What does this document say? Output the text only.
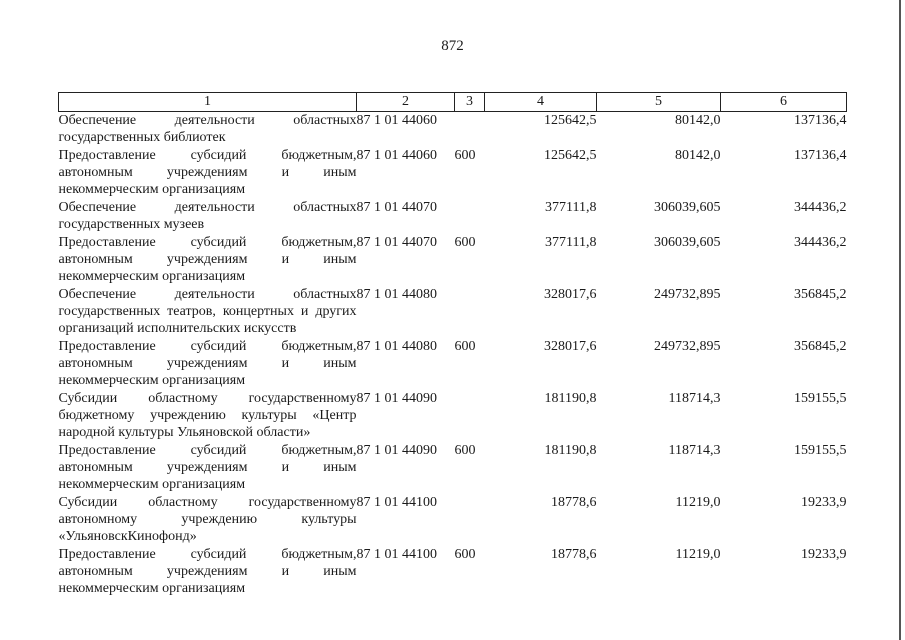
872
1	2	3	4	5	6
Обеспечение деятельности областных государственных библиотек	87 1 01 44060		125642,5	80142,0	137136,4
Предоставление субсидий бюджетным, автономным учреждениям и иным некоммерческим организациям	87 1 01 44060	600	125642,5	80142,0	137136,4
Обеспечение деятельности областных государственных музеев	87 1 01 44070		377111,8	306039,605	344436,2
Предоставление субсидий бюджетным, автономным учреждениям и иным некоммерческим организациям	87 1 01 44070	600	377111,8	306039,605	344436,2
Обеспечение деятельности областных государственных театров, концертных и других организаций исполнительских искусств	87 1 01 44080		328017,6	249732,895	356845,2
Предоставление субсидий бюджетным, автономным учреждениям и иным некоммерческим организациям	87 1 01 44080	600	328017,6	249732,895	356845,2
Субсидии областному государственному бюджетному учреждению культуры «Центр народной культуры Ульяновской области»	87 1 01 44090		181190,8	118714,3	159155,5
Предоставление субсидий бюджетным, автономным учреждениям и иным некоммерческим организациям	87 1 01 44090	600	181190,8	118714,3	159155,5
Субсидии областному государственному автономному учреждению культуры «УльяновскКинофонд»	87 1 01 44100		18778,6	11219,0	19233,9
Предоставление субсидий бюджетным, автономным учреждениям и иным некоммерческим организациям	87 1 01 44100	600	18778,6	11219,0	19233,9
